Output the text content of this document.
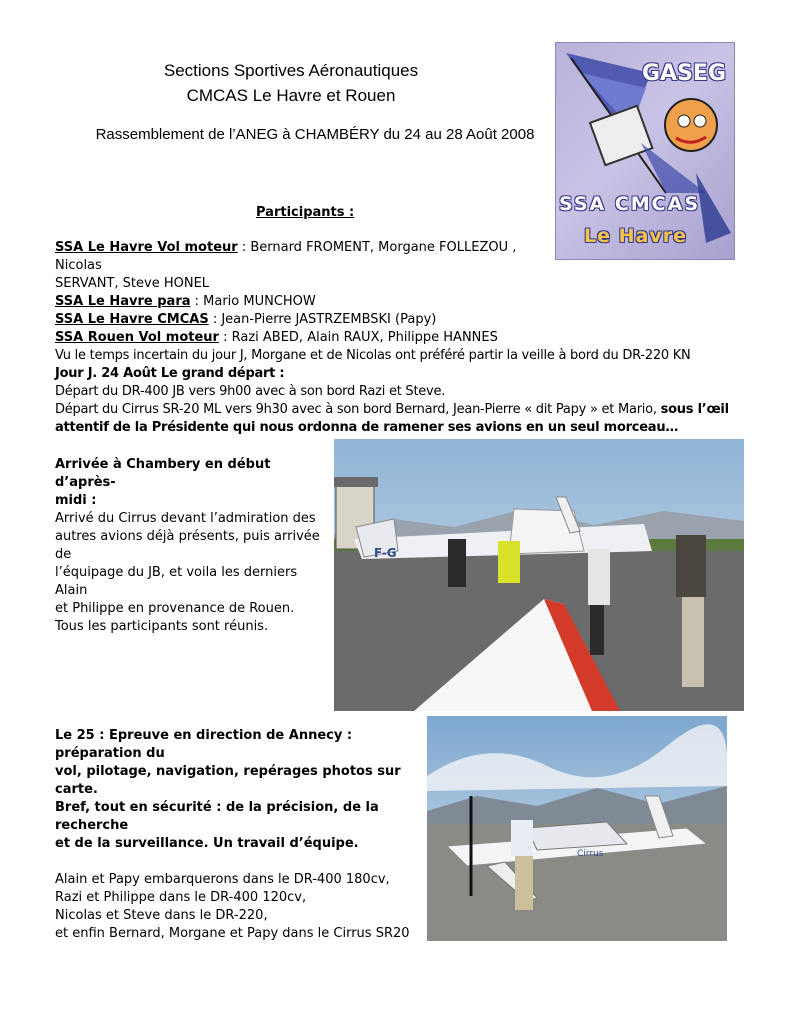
Sections Sportives Aéronautiques
CMCAS Le Havre et Rouen
Rassemblement de l’ANEG à CHAMBÉRY du 24 au 28 Août 2008
GASEG
SSA CMCAS
Le Havre
Participants :
SSA Le Havre Vol moteur : Bernard FROMENT, Morgane FOLLEZOU , Nicolas
SERVANT, Steve HONEL
SSA Le Havre para : Mario MUNCHOW
SSA Le Havre CMCAS : Jean-Pierre JASTRZEMBSKI (Papy)
SSA Rouen Vol moteur : Razi ABED, Alain RAUX, Philippe HANNES
Vu le temps incertain du jour J, Morgane et de Nicolas ont préféré partir la veille à bord du DR-220 KN
Jour J. 24 Août Le grand départ :
Départ du DR-400 JB vers 9h00 avec à son bord Razi et Steve.
Départ du Cirrus SR-20 ML vers 9h30 avec à son bord Bernard, Jean-Pierre « dit Papy » et Mario, sous l’œil
attentif de la Présidente qui nous ordonna de ramener ses avions en un seul morceau…
Arrivée à Chambery en début d’après-
midi :
Arrivé du Cirrus devant l’admiration des
autres avions déjà présents, puis arrivée de
l’équipage du JB, et voila les derniers Alain
et Philippe en provenance de Rouen.
Tous les participants sont réunis.
F-G
Le 25 : Epreuve en direction de Annecy : préparation du
vol, pilotage, navigation, repérages photos sur carte.
Bref, tout en sécurité : de la précision, de la recherche
et de la surveillance. Un travail d’équipe.
Alain et Papy embarquerons dans le DR-400 180cv,
Razi et Philippe dans le DR-400 120cv,
Nicolas et Steve dans le DR-220,
et enfin Bernard, Morgane et Papy dans le Cirrus SR20
Cirrus
